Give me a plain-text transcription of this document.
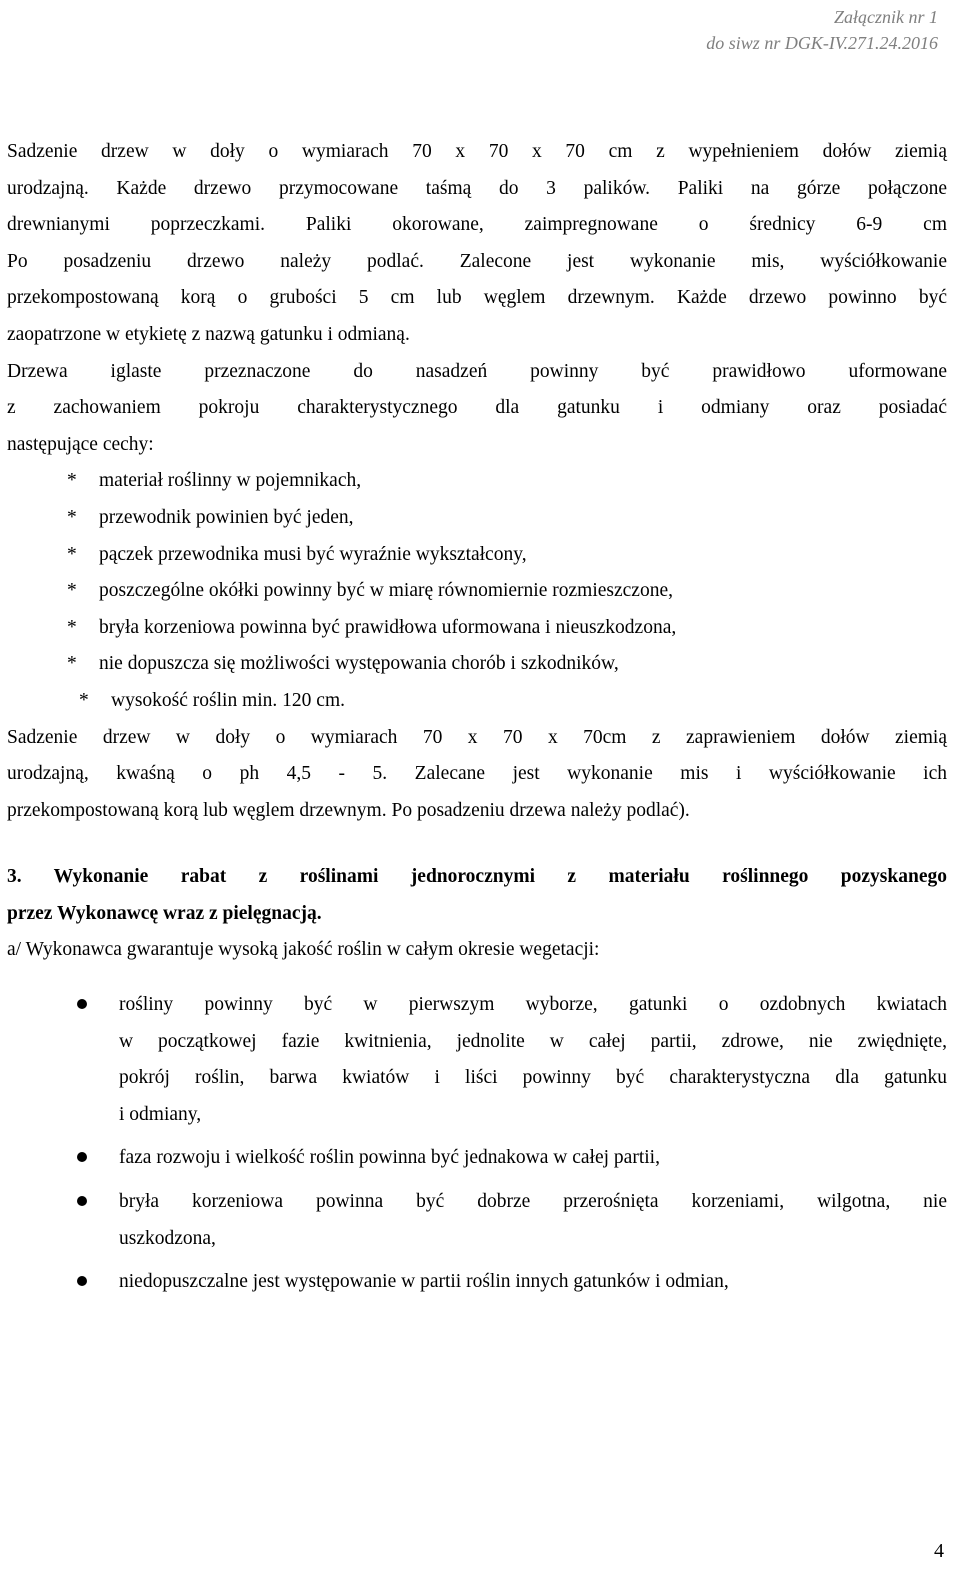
Załącznik nr 1
do siwz nr DGK-IV.271.24.2016

Sadzenie drzew w doły o wymiarach 70 x 70 x 70 cm z wypełnieniem dołów ziemią

urodzajną. Każde drzewo przymocowane taśmą do 3 palików. Paliki na górze połączone

drewnianymi poprzeczkami. Paliki okorowane, zaimpregnowane o średnicy 6-9 cm

Po posadzeniu drzewo należy podlać. Zalecone jest wykonanie mis, wyściółkowanie

przekompostowaną korą o grubości 5 cm lub węglem drzewnym. Każde drzewo powinno być

zaopatrzone w etykietę z nazwą gatunku i odmianą.

Drzewa iglaste przeznaczone do nasadzeń powinny być prawidłowo uformowane

z zachowaniem pokroju charakterystycznego dla gatunku i odmiany oraz posiadać

następujące cechy:

* materiał roślinny w pojemnikach,
* przewodnik powinien być jeden,
* pączek przewodnika musi być wyraźnie wykształcony,
* poszczególne okółki powinny być w miarę równomiernie rozmieszczone,
* bryła korzeniowa powinna być prawidłowa uformowana i nieuszkodzona,
* nie dopuszcza się możliwości występowania chorób i szkodników,
* wysokość roślin min. 120 cm.

Sadzenie drzew w doły o wymiarach 70 x 70 x 70cm z zaprawieniem dołów ziemią

urodzajną, kwaśną o ph 4,5 - 5. Zalecane jest wykonanie mis i wyściółkowanie ich

przekompostowaną korą lub węglem drzewnym. Po posadzeniu drzewa należy podlać).

3. Wykonanie rabat z roślinami jednorocznymi z materiału roślinnego pozyskanego

przez Wykonawcę wraz z pielęgnacją.

a/ Wykonawca gwarantuje wysoką jakość roślin w całym okresie wegetacji:

rośliny powinny być w pierwszym wyborze, gatunki o ozdobnych kwiatach
w początkowej fazie kwitnienia, jednolite w całej partii, zdrowe, nie zwiędnięte,
pokrój roślin, barwa kwiatów i liści powinny być charakterystyczna dla gatunku
i odmiany,
faza rozwoju i wielkość roślin powinna być jednakowa w całej partii,
bryła korzeniowa powinna być dobrze przerośnięta korzeniami, wilgotna, nie
uszkodzona,
niedopuszczalne jest występowanie w partii roślin innych gatunków i odmian,
4
